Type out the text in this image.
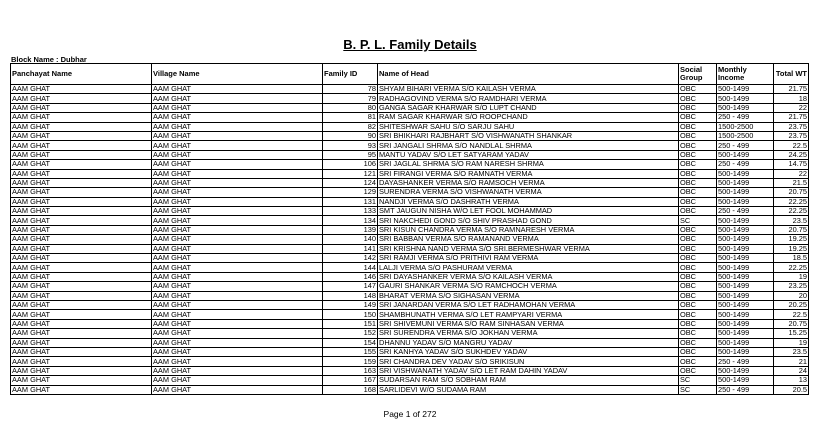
B. P. L. Family Details
Block Name : Dubhar
Panchayat Name	Village Name	Family ID	Name of Head	Social Group	Monthly Income	Total WT

AAM GHAT	AAM GHAT	78	SHYAM BIHARI VERMA S/O KAILASH VERMA	OBC	500-1499	21.75
AAM GHAT	AAM GHAT	79	RADHAGOVIND VERMA S/O RAMDHARI VERMA	OBC	500-1499	18
AAM GHAT	AAM GHAT	80	GANGA SAGAR KHARWAR S/O LUPT CHAND	OBC	500-1499	22
AAM GHAT	AAM GHAT	81	RAM SAGAR KHARWAR S/O ROOPCHAND	OBC	250 - 499	21.75
AAM GHAT	AAM GHAT	82	SHITESHWAR SAHU S/O SARJU SAHU	OBC	1500-2500	23.75
AAM GHAT	AAM GHAT	90	SRI BHIKHARI RAJBHART S/O VISHWANATH SHANKAR	OBC	1500-2500	23.75
AAM GHAT	AAM GHAT	93	SRI JANGALI SHRMA S/O NANDLAL SHRMA	OBC	250 - 499	22.5
AAM GHAT	AAM GHAT	95	MANTU YADAV S/O LET SATYARAM YADAV	OBC	500-1499	24.25
AAM GHAT	AAM GHAT	106	SRI JAGLAL SHRMA S/O RAM NARESH SHRMA	OBC	250 - 499	14.75
AAM GHAT	AAM GHAT	121	SRI FIRANGI VERMA S/O RAMNATH VERMA	OBC	500-1499	22
AAM GHAT	AAM GHAT	124	DAYASHANKER VERMA S/O RAMSOCH VERMA	OBC	500-1499	21.5
AAM GHAT	AAM GHAT	129	SURENDRA VERMA S/O VISHWANATH VERMA	OBC	500-1499	20.75
AAM GHAT	AAM GHAT	131	NANDJI VERMA S/O DASHRATH VERMA	OBC	500-1499	22.25
AAM GHAT	AAM GHAT	133	SMT JAUGUN NISHA W/O LET FOOL MOHAMMAD	OBC	250 - 499	22.25
AAM GHAT	AAM GHAT	134	SRI NAKCHEDI GOND S/O SHIV PRASHAD GOND	SC	500-1499	23.5
AAM GHAT	AAM GHAT	139	SRI KISUN CHANDRA VERMA S/O RAMNARESH VERMA	OBC	500-1499	20.75
AAM GHAT	AAM GHAT	140	SRI BABBAN VERMA S/O RAMANAND VERMA	OBC	500-1499	19.25
AAM GHAT	AAM GHAT	141	SRI KRISHNA NAND VERMA S/O SRI.BERMESHWAR VERMA	OBC	500-1499	19.25
AAM GHAT	AAM GHAT	142	SRI RAMJI VERMA S/O PRITHIVI RAM VERMA	OBC	500-1499	18.5
AAM GHAT	AAM GHAT	144	LALJI VERMA S/O PASHURAM VERMA	OBC	500-1499	22.25
AAM GHAT	AAM GHAT	146	SRI DAYASHANKER VERMA S/O KAILASH VERMA	OBC	500-1499	19
AAM GHAT	AAM GHAT	147	GAURI SHANKAR VERMA S/O RAMCHOCH VERMA	OBC	500-1499	23.25
AAM GHAT	AAM GHAT	148	BHARAT VERMA S/O SIGHASAN VERMA	OBC	500-1499	20
AAM GHAT	AAM GHAT	149	SRI JANARDAN VERMA S/O LET RADHAMOHAN VERMA	OBC	500-1499	20.25
AAM GHAT	AAM GHAT	150	SHAMBHUNATH VERMA S/O LET RAMPYARI VERMA	OBC	500-1499	22.5
AAM GHAT	AAM GHAT	151	SRI SHIVEMUNI VERMA S/O RAM SINHASAN VERMA	OBC	500-1499	20.75
AAM GHAT	AAM GHAT	152	SRI SURENDRA VERMA S/O JOKHAN VERMA	OBC	500-1499	15.25
AAM GHAT	AAM GHAT	154	DHANNU YADAV S/O MANGRU YADAV	OBC	500-1499	19
AAM GHAT	AAM GHAT	155	SRI KANHYA YADAV S/O SUKHDEV YADAV	OBC	500-1499	23.5
AAM GHAT	AAM GHAT	159	SRI CHANDRA DEV YADAV S/O SRIKISUN	OBC	250 - 499	21
AAM GHAT	AAM GHAT	163	SRI VISHWANATH YADAV S/O LET RAM DAHIN YADAV	OBC	500-1499	24
AAM GHAT	AAM GHAT	167	SUDARSAN RAM S/O SOBHAM RAM	SC	500-1499	13
AAM GHAT	AAM GHAT	168	SARLIDEVI W/O SUDAMA RAM	SC	250 - 499	20.5
Page 1 of 272
